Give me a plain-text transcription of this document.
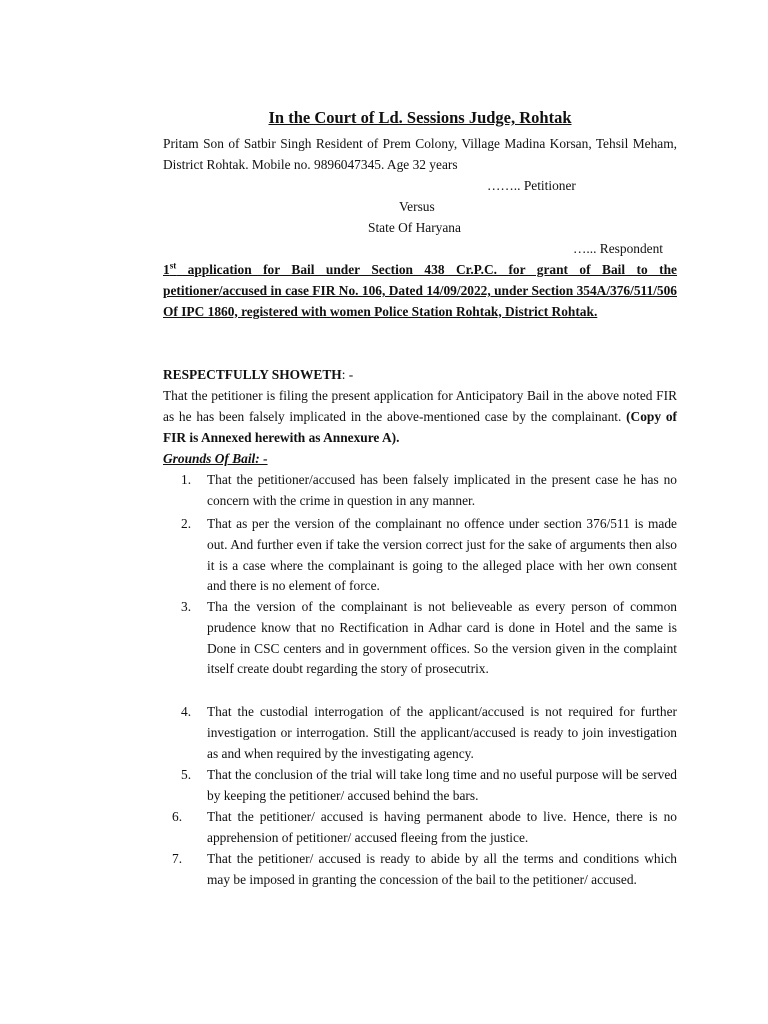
In the Court of Ld. Sessions Judge, Rohtak

Pritam Son of Satbir Singh Resident of Prem Colony, Village Madina Korsan, Tehsil Meham, District Rohtak. Mobile no. 9896047345. Age 32 years

…….. Petitioner

Versus

State Of Haryana

…... Respondent

1st application for Bail under Section 438 Cr.P.C. for grant of Bail to the petitioner/accused in case FIR No. 106, Dated 14/09/2022, under Section 354A/376/511/506 Of IPC 1860, registered with women Police Station Rohtak, District Rohtak.

RESPECTFULLY SHOWETH: -

That the petitioner is filing the present application for Anticipatory Bail in the above noted FIR as he has been falsely implicated in the above-mentioned case by the complainant. (Copy of FIR is Annexed herewith as Annexure A).

Grounds Of Bail: -

1. That the petitioner/accused has been falsely implicated in the present case he has no concern with the crime in question in any manner.

2. That as per the version of the complainant no offence under section 376/511 is made out. And further even if take the version correct just for the sake of arguments then also it is a case where the complainant is going to the alleged place with her own consent and there is no element of force.

3. Tha the version of the complainant is not believeable as every person of common prudence know that no Rectification in Adhar card is done in Hotel and the same is Done in CSC centers and in government offices. So the version given in the complaint itself create doubt regarding the story of prosecutrix.

4. That the custodial interrogation of the applicant/accused is not required for further investigation or interrogation. Still the applicant/accused is ready to join investigation as and when required by the investigating agency.

5. That the conclusion of the trial will take long time and no useful purpose will be served by keeping the petitioner/ accused behind the bars.

6. That the petitioner/ accused is having permanent abode to live. Hence, there is no apprehension of petitioner/ accused fleeing from the justice.

7. That the petitioner/ accused is ready to abide by all the terms and conditions which may be imposed in granting the concession of the bail to the petitioner/ accused.
